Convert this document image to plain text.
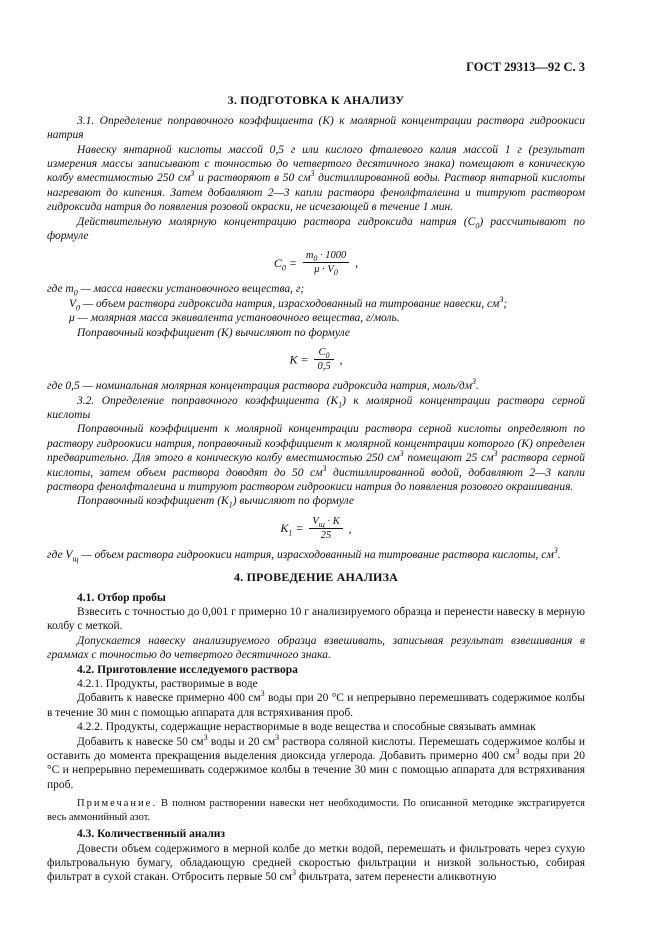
ГОСТ 29313—92 С. 3
3. ПОДГОТОВКА К АНАЛИЗУ

3.1. Определение поправочного коэффициента (К) к молярной концентрации раствора гидроокиси натрия

Навеску янтарной кислоты массой 0,5 г или кислого фталевого калия массой 1 г (результат измерения массы записывают с точностью до четвертого десятичного знака) помещают в коническую колбу вместимостью 250 $см^3$ и растворяют в 50 $см^3$ дистиллированной воды. Раствор янтарной кислоты нагревают до кипения. Затем добавляют 2—3 капли раствора фенолфталеина и титруют раствором гидроксида натрия до появления розовой окраски, не исчезающей в течение 1 мин.

Действительную молярную концентрацию раствора гидроксида натрия $(С_0)$ рассчитывают по формуле

$С_0 = \frac{m_0 \cdot 1000}{\mu \cdot V_0}$ ,
где $m_0$ — масса навески установочного вещества, г;
$V_0$ — объем раствора гидроксида натрия, израсходованный на титрование навески, $см^3$;
μ — молярная масса эквивалента установочного вещества, г/моль.

Поправочный коэффициент (К) вычисляют по формуле

$К = \frac{С_0}{0,5}$ ,

где 0,5 — номинальная молярная концентрация раствора гидроксида натрия, моль/$дм^3$.

3.2. Определение поправочного коэффициента $(К_1)$ к молярной концентрации раствора серной кислоты

Поправочный коэффициент к молярной концентрации раствора серной кислоты определяют по раствору гидроокиси натрия, поправочный коэффициент к молярной концентрации которого (К) определен предварительно. Для этого в коническую колбу вместимостью 250 $см^3$ помещают 25 $см^3$ раствора серной кислоты, затем объем раствора доводят до 50 $см^3$ дистиллированной водой, добавляют 2—3 капли раствора фенолфталеина и титруют раствором гидроокиси натрия до появления розового окрашивания.

Поправочный коэффициент $(К_1)$ вычисляют по формуле

$К_1 = \frac{V_щ \cdot К}{25}$ ,

где $V_щ$ — объем раствора гидроокиси натрия, израсходованный на титрование раствора кислоты, $см^3$.

4. ПРОВЕДЕНИЕ АНАЛИЗА

4.1. Отбор пробы

Взвесить с точностью до 0,001 г примерно 10 г анализируемого образца и перенести навеску в мерную колбу с меткой.

Допускается навеску анализируемого образца взвешивать, записывая результат взвешивания в граммах с точностью до четвертого десятичного знака.

4.2. Приготовление исследуемого раствора

4.2.1. Продукты, растворимые в воде

Добавить к навеске примерно 400 $см^3$ воды при 20 °С и непрерывно перемешивать содержимое колбы в течение 30 мин с помощью аппарата для встряхивания проб.

4.2.2. Продукты, содержащие нерастворимые в воде вещества и способные связывать аммиак

Добавить к навеске 50 $см^3$ воды и 20 $см^3$ раствора соляной кислоты. Перемешать содержимое колбы и оставить до момента прекращения выделения диоксида углерода. Добавить примерно 400 $см^3$ воды при 20 °С и непрерывно перемешивать содержимое колбы в течение 30 мин с помощью аппарата для встряхивания проб.

Примечание. В полном растворении навески нет необходимости. По описанной методике экстрагируется весь аммонийный азот.

4.3. Количественный анализ

Довести объем содержимого в мерной колбе до метки водой, перемешать и фильтровать через сухую фильтровальную бумагу, обладающую средней скоростью фильтрации и низкой зольностью, собирая фильтрат в сухой стакан. Отбросить первые 50 $см^3$ фильтрата, затем перенести аликвотную
